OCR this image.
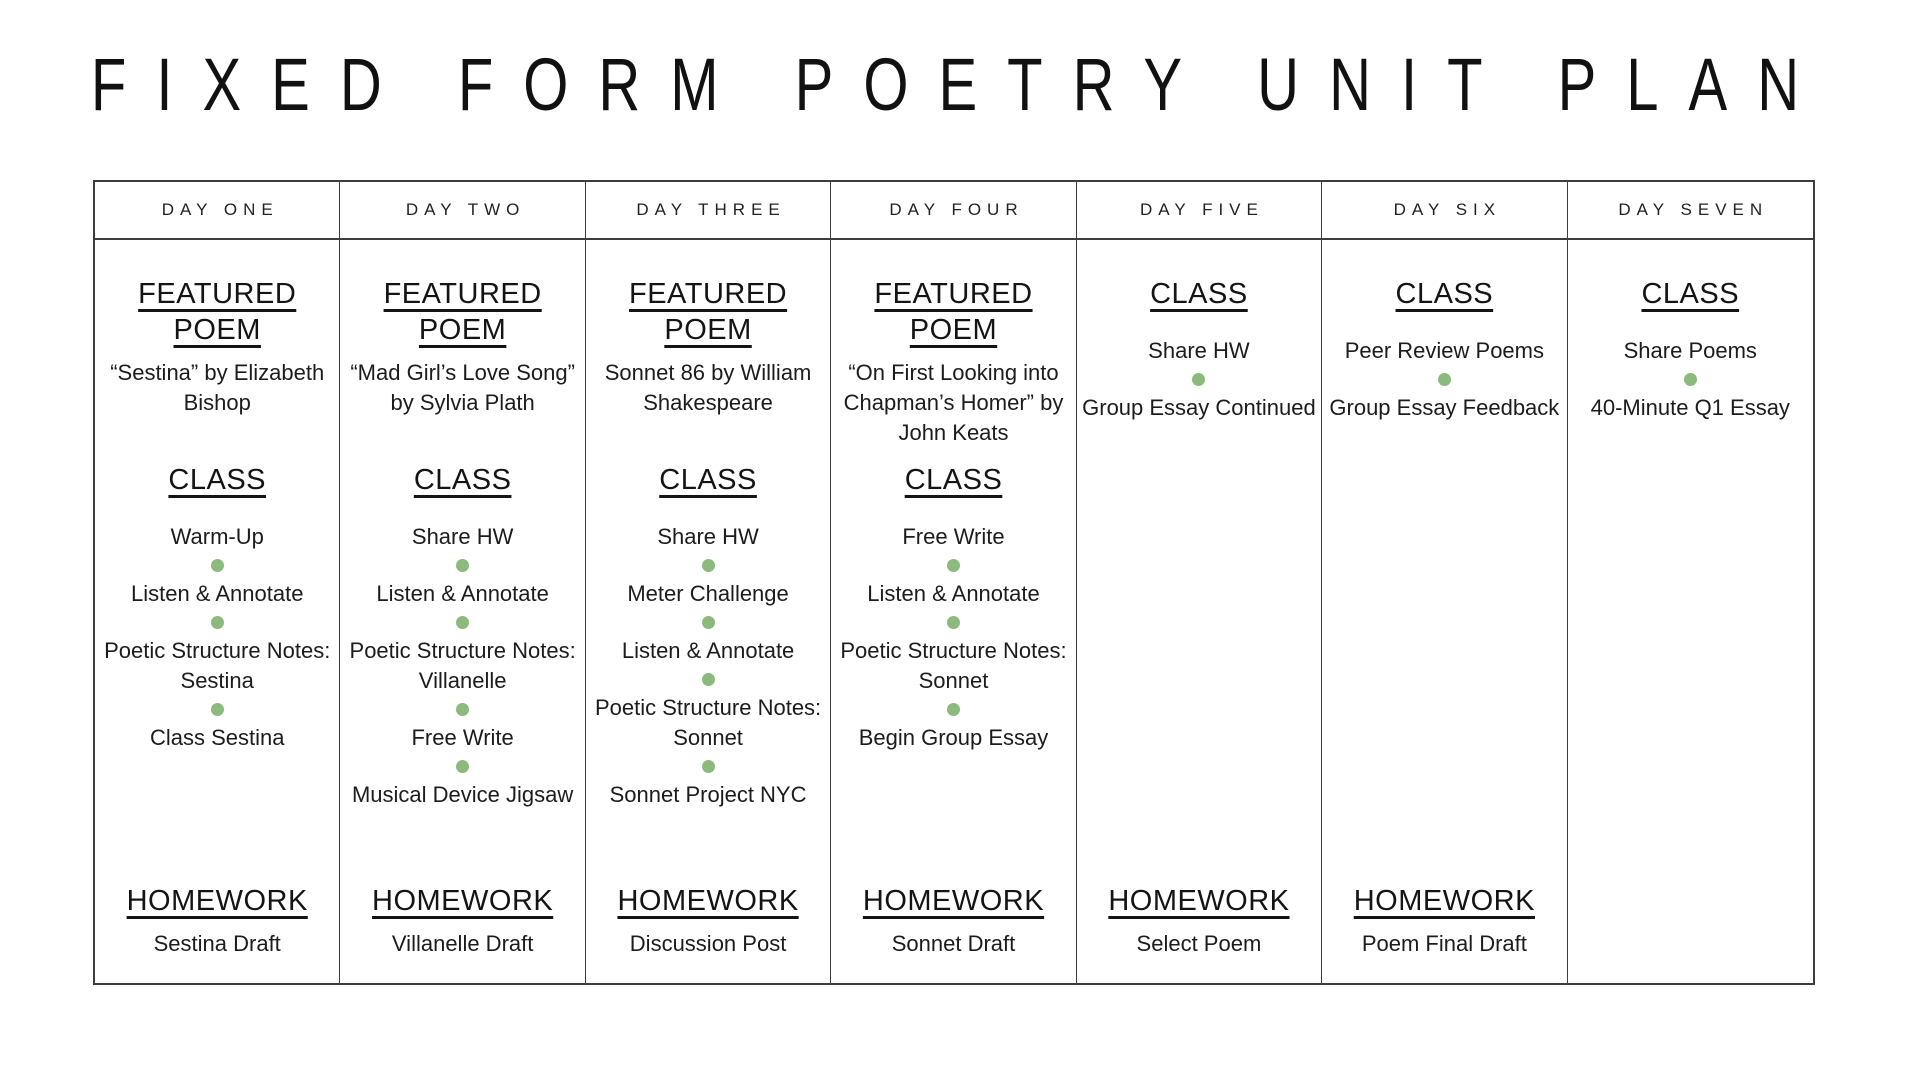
FIXED FORM POETRY UNIT PLAN
DAY ONE
FEATURED POEM
“Sestina” by Elizabeth Bishop
CLASS
Warm-Up
Listen & Annotate
Poetic Structure Notes: Sestina
Class Sestina
HOMEWORK
Sestina Draft
DAY TWO
FEATURED POEM
“Mad Girl’s Love Song” by Sylvia Plath
CLASS
Share HW
Listen & Annotate
Poetic Structure Notes: Villanelle
Free Write
Musical Device Jigsaw
HOMEWORK
Villanelle Draft
DAY THREE
FEATURED POEM
Sonnet 86 by William Shakespeare
CLASS
Share HW
Meter Challenge
Listen & Annotate
Poetic Structure Notes: Sonnet
Sonnet Project NYC
HOMEWORK
Discussion Post
DAY FOUR
FEATURED POEM
“On First Looking into Chapman’s Homer” by John Keats
CLASS
Free Write
Listen & Annotate
Poetic Structure Notes: Sonnet
Begin Group Essay
HOMEWORK
Sonnet Draft
DAY FIVE
CLASS
Share HW
Group Essay Continued
HOMEWORK
Select Poem
DAY SIX
CLASS
Peer Review Poems
Group Essay Feedback
HOMEWORK
Poem Final Draft
DAY SEVEN
CLASS
Share Poems
40-Minute Q1 Essay
